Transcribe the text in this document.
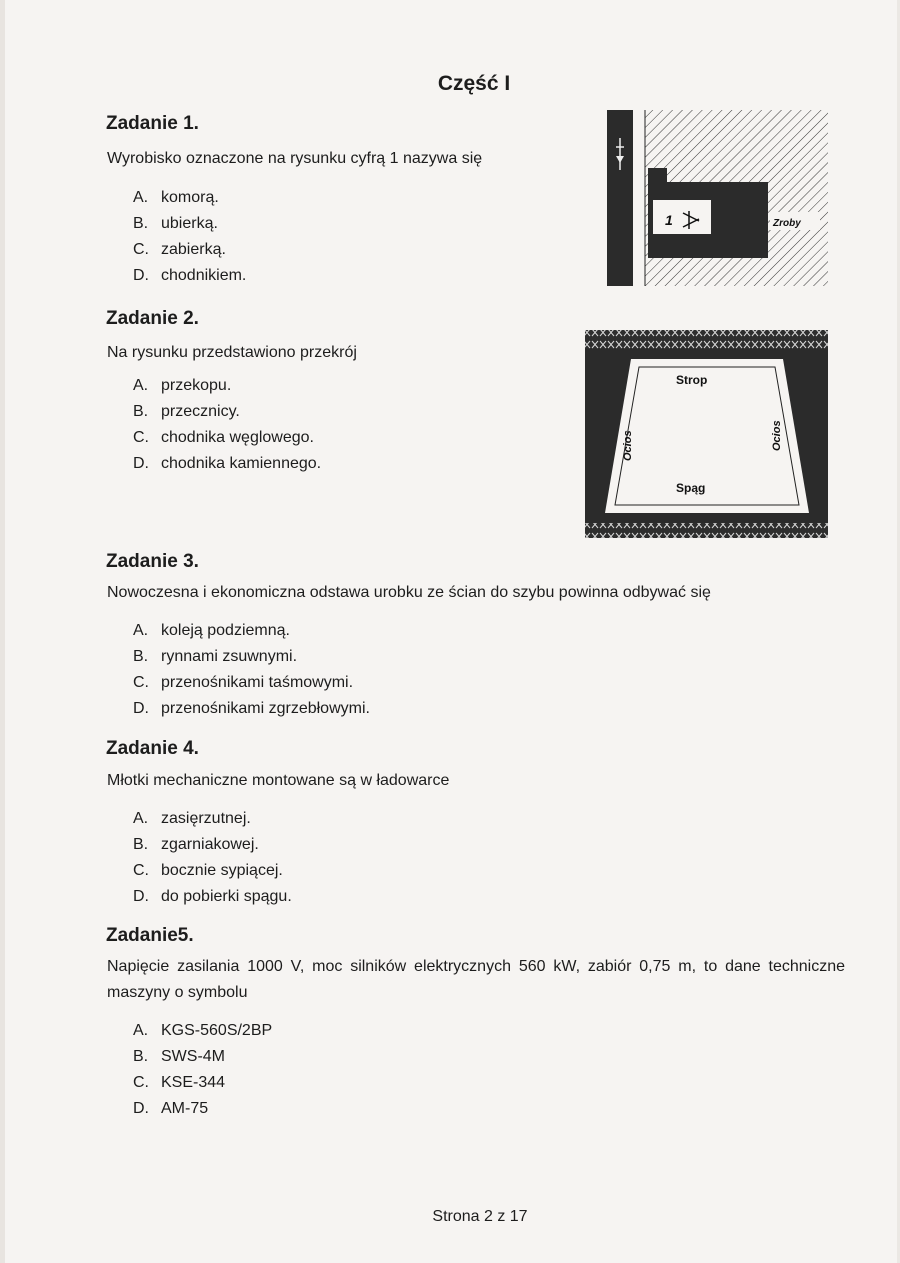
Część I
Zadanie 1.
Wyrobisko oznaczone na rysunku cyfrą 1 nazywa się
A. komorą.
B. ubierką.
C. zabierką.
D. chodnikiem.
1	Zroby
Zadanie 2.
Na rysunku przedstawiono przekrój
A. przekopu.
B. przecznicy.
C. chodnika węglowego.
D. chodnika kamiennego.
Strop
Spąg
Ocios	Ocios
Zadanie 3.
Nowoczesna i ekonomiczna odstawa urobku ze ścian do szybu powinna odbywać się
A. koleją podziemną.
B. rynnami zsuwnymi.
C. przenośnikami taśmowymi.
D. przenośnikami zgrzebłowymi.
Zadanie 4.
Młotki mechaniczne montowane są w ładowarce
A. zasięrzutnej.
B. zgarniakowej.
C. bocznie sypiącej.
D. do pobierki spągu.
Zadanie5.
Napięcie zasilania 1000 V, moc silników elektrycznych 560 kW, zabiór 0,75 m, to dane techniczne maszyny o symbolu
A. KGS-560S/2BP
B. SWS-4M
C. KSE-344
D. AM-75
Strona 2 z 17
